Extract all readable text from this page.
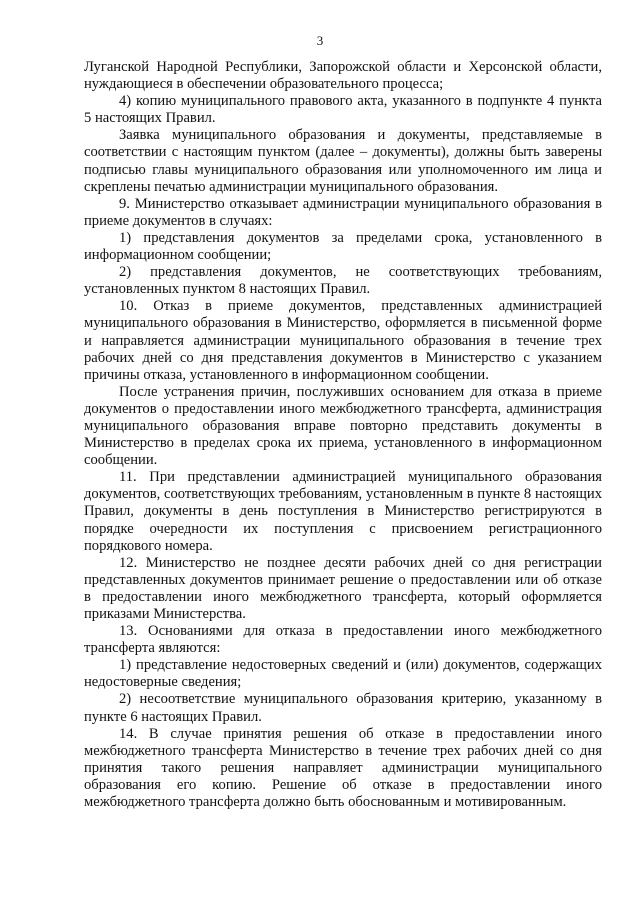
3

Луганской Народной Республики, Запорожской области и Херсонской области, нуждающиеся в обеспечении образовательного процесса;

4) копию муниципального правового акта, указанного в подпункте 4 пункта 5 настоящих Правил.

Заявка муниципального образования и документы, представляемые в соответствии с настоящим пунктом (далее – документы), должны быть заверены подписью главы муниципального образования или уполномоченного им лица и скреплены печатью администрации муниципального образования.

9. Министерство отказывает администрации муниципального образования в приеме документов в случаях:

1) представления документов за пределами срока, установленного в информационном сообщении;

2) представления документов, не соответствующих требованиям, установленных пунктом 8 настоящих Правил.

10. Отказ в приеме документов, представленных администрацией муниципального образования в Министерство, оформляется в письменной форме и направляется администрации муниципального образования в течение трех рабочих дней со дня представления документов в Министерство с указанием причины отказа, установленного в информационном сообщении.

После устранения причин, послуживших основанием для отказа в приеме документов о предоставлении иного межбюджетного трансферта, администрация муниципального образования вправе повторно представить документы в Министерство в пределах срока их приема, установленного в информационном сообщении.

11. При представлении администрацией муниципального образования документов, соответствующих требованиям, установленным в пункте 8 настоящих Правил, документы в день поступления в Министерство регистрируются в порядке очередности их поступления с присвоением регистрационного порядкового номера.

12. Министерство не позднее десяти рабочих дней со дня регистрации представленных документов принимает решение о предоставлении или об отказе в предоставлении иного межбюджетного трансферта, который оформляется приказами Министерства.

13. Основаниями для отказа в предоставлении иного межбюджетного трансферта являются:

1) представление недостоверных сведений и (или) документов, содержащих недостоверные сведения;

2) несоответствие муниципального образования критерию, указанному в пункте 6 настоящих Правил.

14. В случае принятия решения об отказе в предоставлении иного межбюджетного трансферта Министерство в течение трех рабочих дней со дня принятия такого решения направляет администрации муниципального образования его копию. Решение об отказе в предоставлении иного межбюджетного трансферта должно быть обоснованным и мотивированным.
